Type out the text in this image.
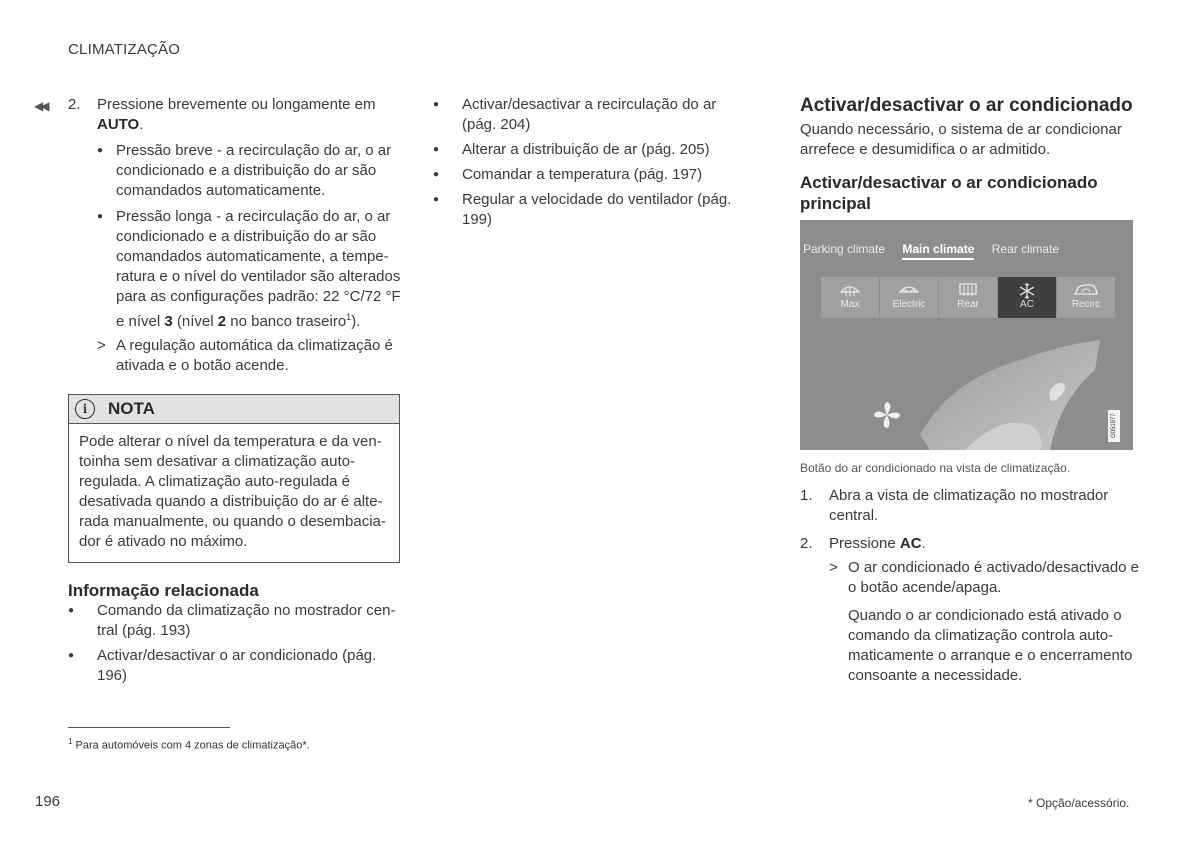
CLIMATIZAÇÃO
◀◀ 2. Pressione brevemente ou longamente em AUTO.
● Pressão breve - a recirculação do ar, o ar condicionado e a distribuição do ar são comandados automaticamente.
● Pressão longa - a recirculação do ar, o ar condicionado e a distribuição do ar são comandados automaticamente, a temperatura e o nível do ventilador são alterados para as configurações padrão: 22 °C/72 °F e nível 3 (nível 2 no banco traseiro$^1$).
> A regulação automática da climatização é ativada e o botão acende.
i	NOTA
Pode alterar o nível da temperatura e da ventoinha sem desativar a climatização auto-regulada. A climatização auto-regulada é desativada quando a distribuição do ar é alterada manualmente, ou quando o desembaciador é ativado no máximo.
Informação relacionada
● Comando da climatização no mostrador central (pág. 193)
● Activar/desactivar o ar condicionado (pág. 196)
● Activar/desactivar a recirculação do ar (pág. 204)
● Alterar a distribuição de ar (pág. 205)
● Comandar a temperatura (pág. 197)
● Regular a velocidade do ventilador (pág. 199)
Activar/desactivar o ar condicionado
Quando necessário, o sistema de ar condicionar arrefece e desumidifica o ar admitido.
Activar/desactivar o ar condicionado principal
Parking climate Main climate Rear climate
Max	Electric	Rear	AC	Recirc
G051977
Botão do ar condicionado na vista de climatização.
1. Abra a vista de climatização no mostrador central.
2. Pressione AC.
> O ar condicionado é activado/desactivado e o botão acende/apaga.
Quando o ar condicionado está ativado o comando da climatização controla automaticamente o arranque e o encerramento consoante a necessidade.
$^1$ Para automóveis com 4 zonas de climatização*.
196	* Opção/acessório.
